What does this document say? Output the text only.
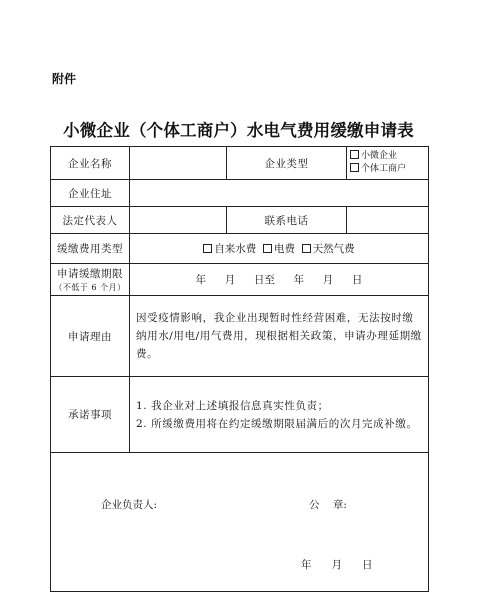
附件
小微企业（个体工商户）水电气费用缓缴申请表
企业名称		企业类型	小微企业
个体工商户

企业住址			
法定代表人		联系电话	
缓缴费用类型	自来水费 电费 天然气费		
申请缓缴期限
（不低于 6 个月）	年  月  日至  年  月  日		
申请理由	因受疫情影响，我企业出现暂时性经营困难，无法按时缴纳用水/用电/用气费用，现根据相关政策，申请办理延期缴费。		
承诺事项	1. 我企业对上述填报信息真实性负责；
2. 所缓缴费用将在约定缓缴期限届满后的次月完成补缴。		

企业负责人: 公    章:
年      月      日			
